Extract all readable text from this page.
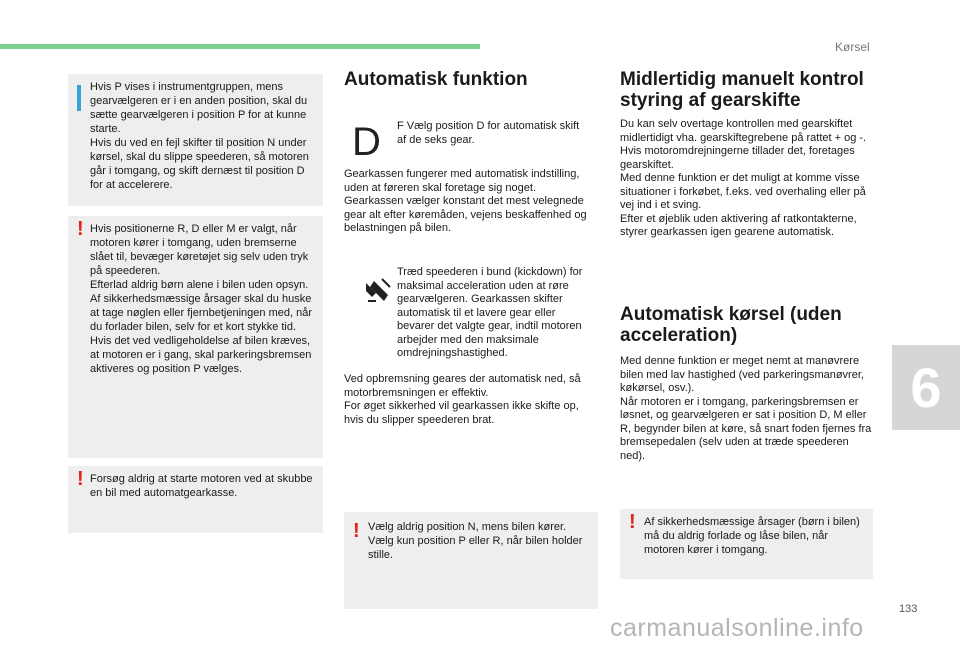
Kørsel
6

Hvis P vises i instrumentgruppen, mens gearvælgeren er i en anden position, skal du sætte gearvælgeren i position P for at kunne starte.
Hvis du ved en fejl skifter til position N under kørsel, skal du slippe speederen, så motoren går i tomgang, og skift dernæst til position D for at accelerere.

! Hvis positionerne R, D eller M er valgt, når motoren kører i tomgang, uden bremserne slået til, bevæger køretøjet sig selv uden tryk på speederen.
Efterlad aldrig børn alene i bilen uden opsyn.
Af sikkerhedsmæssige årsager skal du huske at tage nøglen eller fjernbetjeningen med, når du forlader bilen, selv for et kort stykke tid.
Hvis det ved vedligeholdelse af bilen kræves, at motoren er i gang, skal parkeringsbremsen aktiveres og position P vælges.

! Forsøg aldrig at starte motoren ved at skubbe en bil med automatgearkasse.

Automatisk funktion
D F Vælg position D for automatisk skift af de seks gear.

Gearkassen fungerer med automatisk indstilling, uden at føreren skal foretage sig noget. Gearkassen vælger konstant det mest velegnede gear alt efter køremåden, vejens beskaffenhed og belastningen på bilen.

Træd speederen i bund (kickdown) for maksimal acceleration uden at røre gearvælgeren. Gearkassen skifter automatisk til et lavere gear eller bevarer det valgte gear, indtil motoren arbejder med den maksimale omdrejningshastighed.

Ved opbremsning geares der automatisk ned, så motorbremsningen er effektiv.
For øget sikkerhed vil gearkassen ikke skifte op, hvis du slipper speederen brat.

! Vælg aldrig position N, mens bilen kører.
Vælg kun position P eller R, når bilen holder stille.

Midlertidig manuelt kontrol styring af gearskifte

Du kan selv overtage kontrollen med gearskiftet midlertidigt vha. gearskiftegrebene på rattet + og -. Hvis motoromdrejningerne tillader det, foretages gearskiftet.
Med denne funktion er det muligt at komme visse situationer i forkøbet, f.eks. ved overhaling eller på vej ind i et sving.
Efter et øjeblik uden aktivering af ratkontakterne, styrer gearkassen igen gearene automatisk.

Automatisk kørsel (uden acceleration)

Med denne funktion er meget nemt at manøvrere bilen med lav hastighed (ved parkeringsmanøvrer, køkørsel, osv.).
Når motoren er i tomgang, parkeringsbremsen er løsnet, og gearvælgeren er sat i position D, M eller R, begynder bilen at køre, så snart foden fjernes fra bremsepedalen (selv uden at træde speederen ned).

! Af sikkerhedsmæssige årsager (børn i bilen) må du aldrig forlade og låse bilen, når motoren kører i tomgang.

133
carmanualsonline.info
